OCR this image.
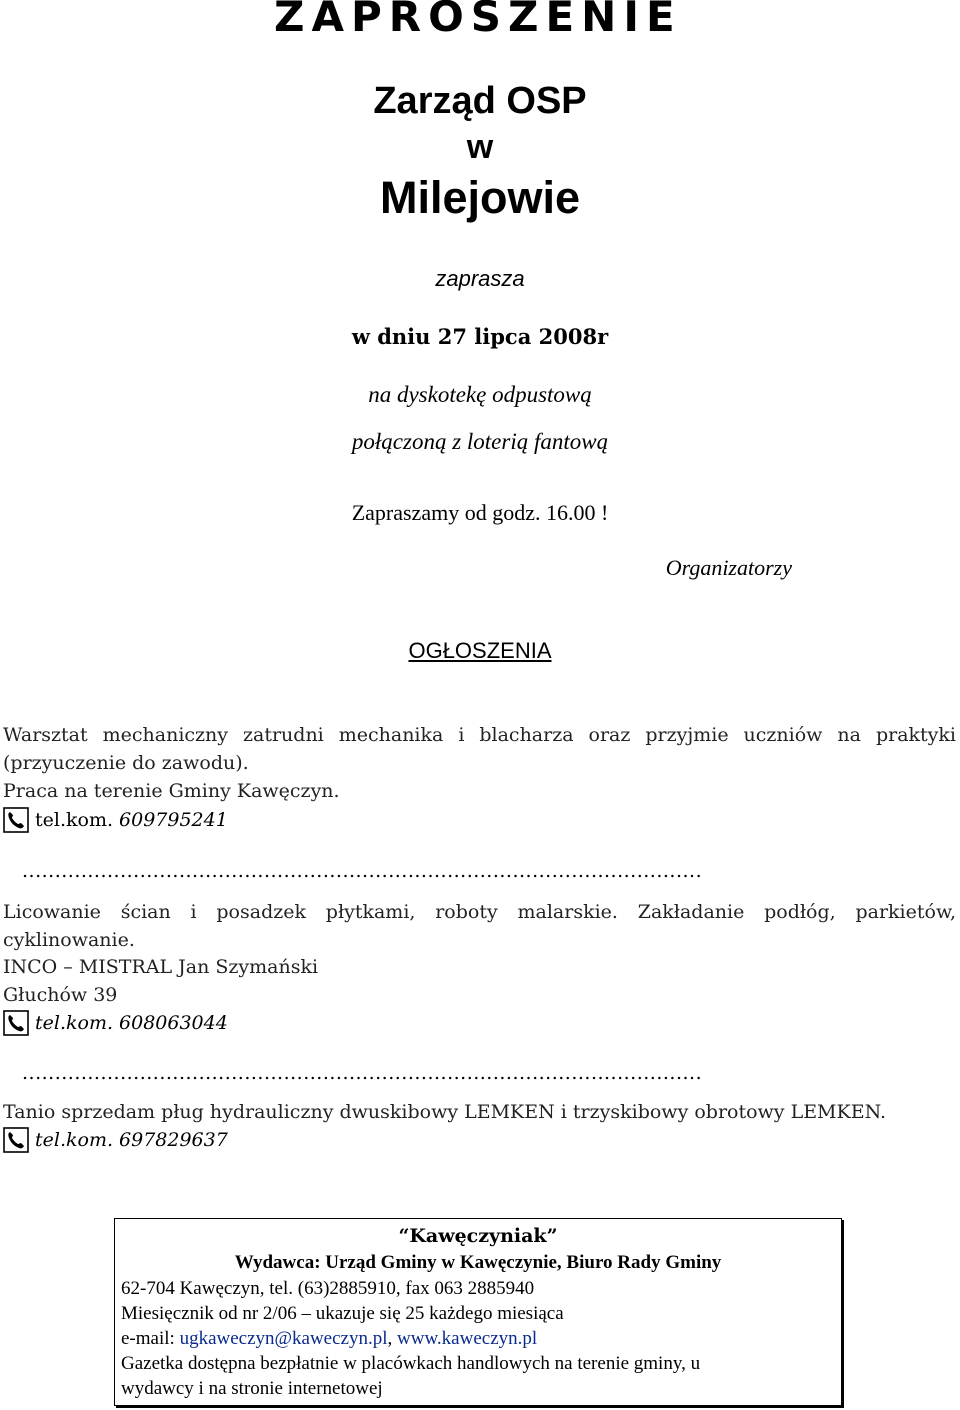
ZAPROSZENIE
Zarząd OSP
w
Milejowie
zaprasza
w dniu 27 lipca 2008r
na dyskotekę odpustową
połączoną z loterią fantową
Zapraszamy od godz. 16.00 !
Organizatorzy
OGŁOSZENIA
Warsztat mechaniczny zatrudni mechanika i blacharza oraz przyjmie uczniów na praktyki
(przyuczenie do zawodu).
Praca na terenie Gminy Kawęczyn.
tel.kom. 609795241
........................................................................................................
Licowanie ścian i posadzek płytkami, roboty malarskie. Zakładanie podłóg, parkietów,
cyklinowanie.
INCO – MISTRAL Jan Szymański
Głuchów 39
tel.kom. 608063044
........................................................................................................
Tanio sprzedam pług hydrauliczny dwuskibowy LEMKEN i trzyskibowy obrotowy LEMKEN.
tel.kom. 697829637
“Kawęczyniak”
Wydawca: Urząd Gminy w Kawęczynie, Biuro Rady Gminy
62-704 Kawęczyn, tel. (63)2885910, fax 063 2885940
Miesięcznik od nr 2/06 – ukazuje się 25 każdego miesiąca
e-mail: ugkaweczyn@kaweczyn.pl, www.kaweczyn.pl
Gazetka dostępna bezpłatnie w placówkach handlowych na terenie gminy, u
wydawcy i na stronie internetowej
